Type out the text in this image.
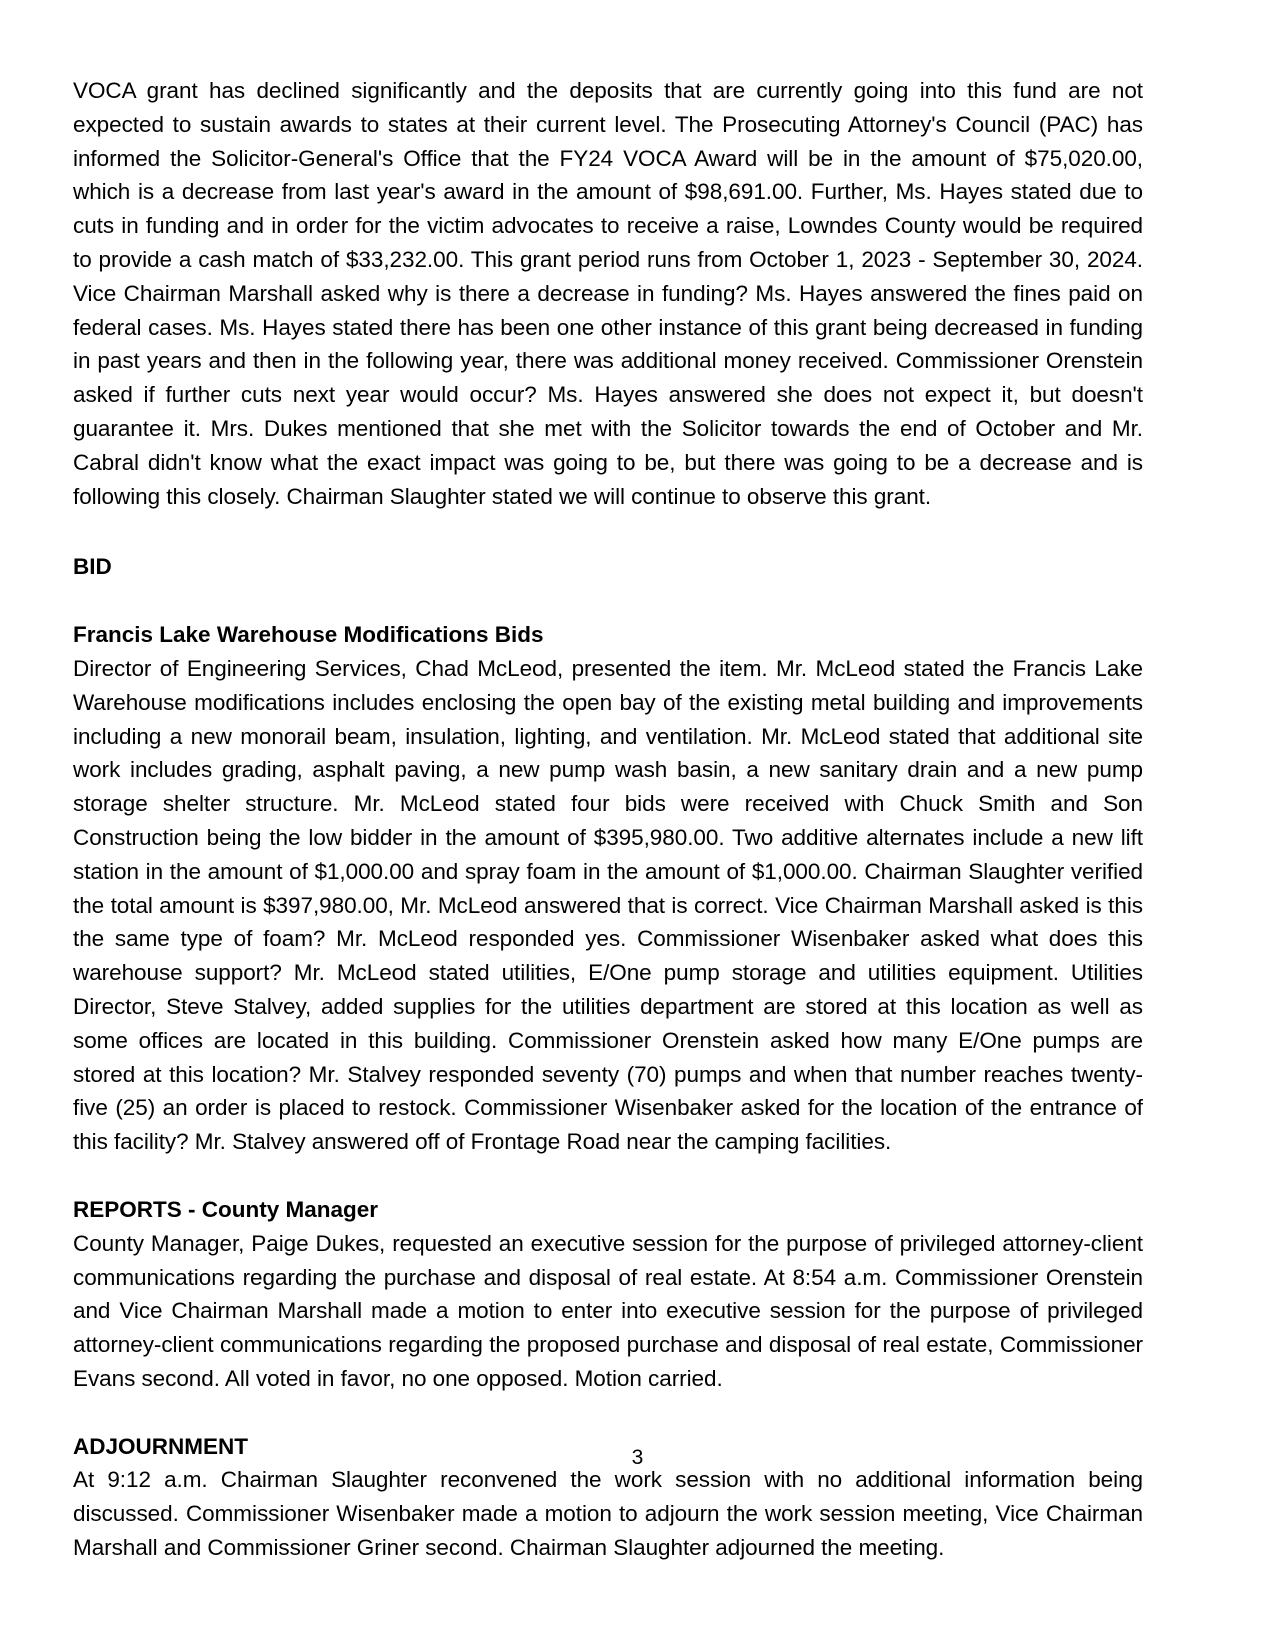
VOCA grant has declined significantly and the deposits that are currently going into this fund are not expected to sustain awards to states at their current level. The Prosecuting Attorney's Council (PAC) has informed the Solicitor-General's Office that the FY24 VOCA Award will be in the amount of $75,020.00, which is a decrease from last year's award in the amount of $98,691.00. Further, Ms. Hayes stated due to cuts in funding and in order for the victim advocates to receive a raise, Lowndes County would be required to provide a cash match of $33,232.00. This grant period runs from October 1, 2023 - September 30, 2024. Vice Chairman Marshall asked why is there a decrease in funding? Ms. Hayes answered the fines paid on federal cases. Ms. Hayes stated there has been one other instance of this grant being decreased in funding in past years and then in the following year, there was additional money received. Commissioner Orenstein asked if further cuts next year would occur? Ms. Hayes answered she does not expect it, but doesn't guarantee it. Mrs. Dukes mentioned that she met with the Solicitor towards the end of October and Mr. Cabral didn't know what the exact impact was going to be, but there was going to be a decrease and is following this closely. Chairman Slaughter stated we will continue to observe this grant.

BID
Francis Lake Warehouse Modifications Bids

Director of Engineering Services, Chad McLeod, presented the item. Mr. McLeod stated the Francis Lake Warehouse modifications includes enclosing the open bay of the existing metal building and improvements including a new monorail beam, insulation, lighting, and ventilation. Mr. McLeod stated that additional site work includes grading, asphalt paving, a new pump wash basin, a new sanitary drain and a new pump storage shelter structure. Mr. McLeod stated four bids were received with Chuck Smith and Son Construction being the low bidder in the amount of $395,980.00. Two additive alternates include a new lift station in the amount of $1,000.00 and spray foam in the amount of $1,000.00. Chairman Slaughter verified the total amount is $397,980.00, Mr. McLeod answered that is correct. Vice Chairman Marshall asked is this the same type of foam? Mr. McLeod responded yes. Commissioner Wisenbaker asked what does this warehouse support? Mr. McLeod stated utilities, E/One pump storage and utilities equipment. Utilities Director, Steve Stalvey, added supplies for the utilities department are stored at this location as well as some offices are located in this building. Commissioner Orenstein asked how many E/One pumps are stored at this location? Mr. Stalvey responded seventy (70) pumps and when that number reaches twenty-five (25) an order is placed to restock. Commissioner Wisenbaker asked for the location of the entrance of this facility? Mr. Stalvey answered off of Frontage Road near the camping facilities.

REPORTS - County Manager

County Manager, Paige Dukes, requested an executive session for the purpose of privileged attorney-client communications regarding the purchase and disposal of real estate. At 8:54 a.m. Commissioner Orenstein and Vice Chairman Marshall made a motion to enter into executive session for the purpose of privileged attorney-client communications regarding the proposed purchase and disposal of real estate, Commissioner Evans second. All voted in favor, no one opposed. Motion carried.

ADJOURNMENT

At 9:12 a.m. Chairman Slaughter reconvened the work session with no additional information being discussed. Commissioner Wisenbaker made a motion to adjourn the work session meeting, Vice Chairman Marshall and Commissioner Griner second. Chairman Slaughter adjourned the meeting.

3
